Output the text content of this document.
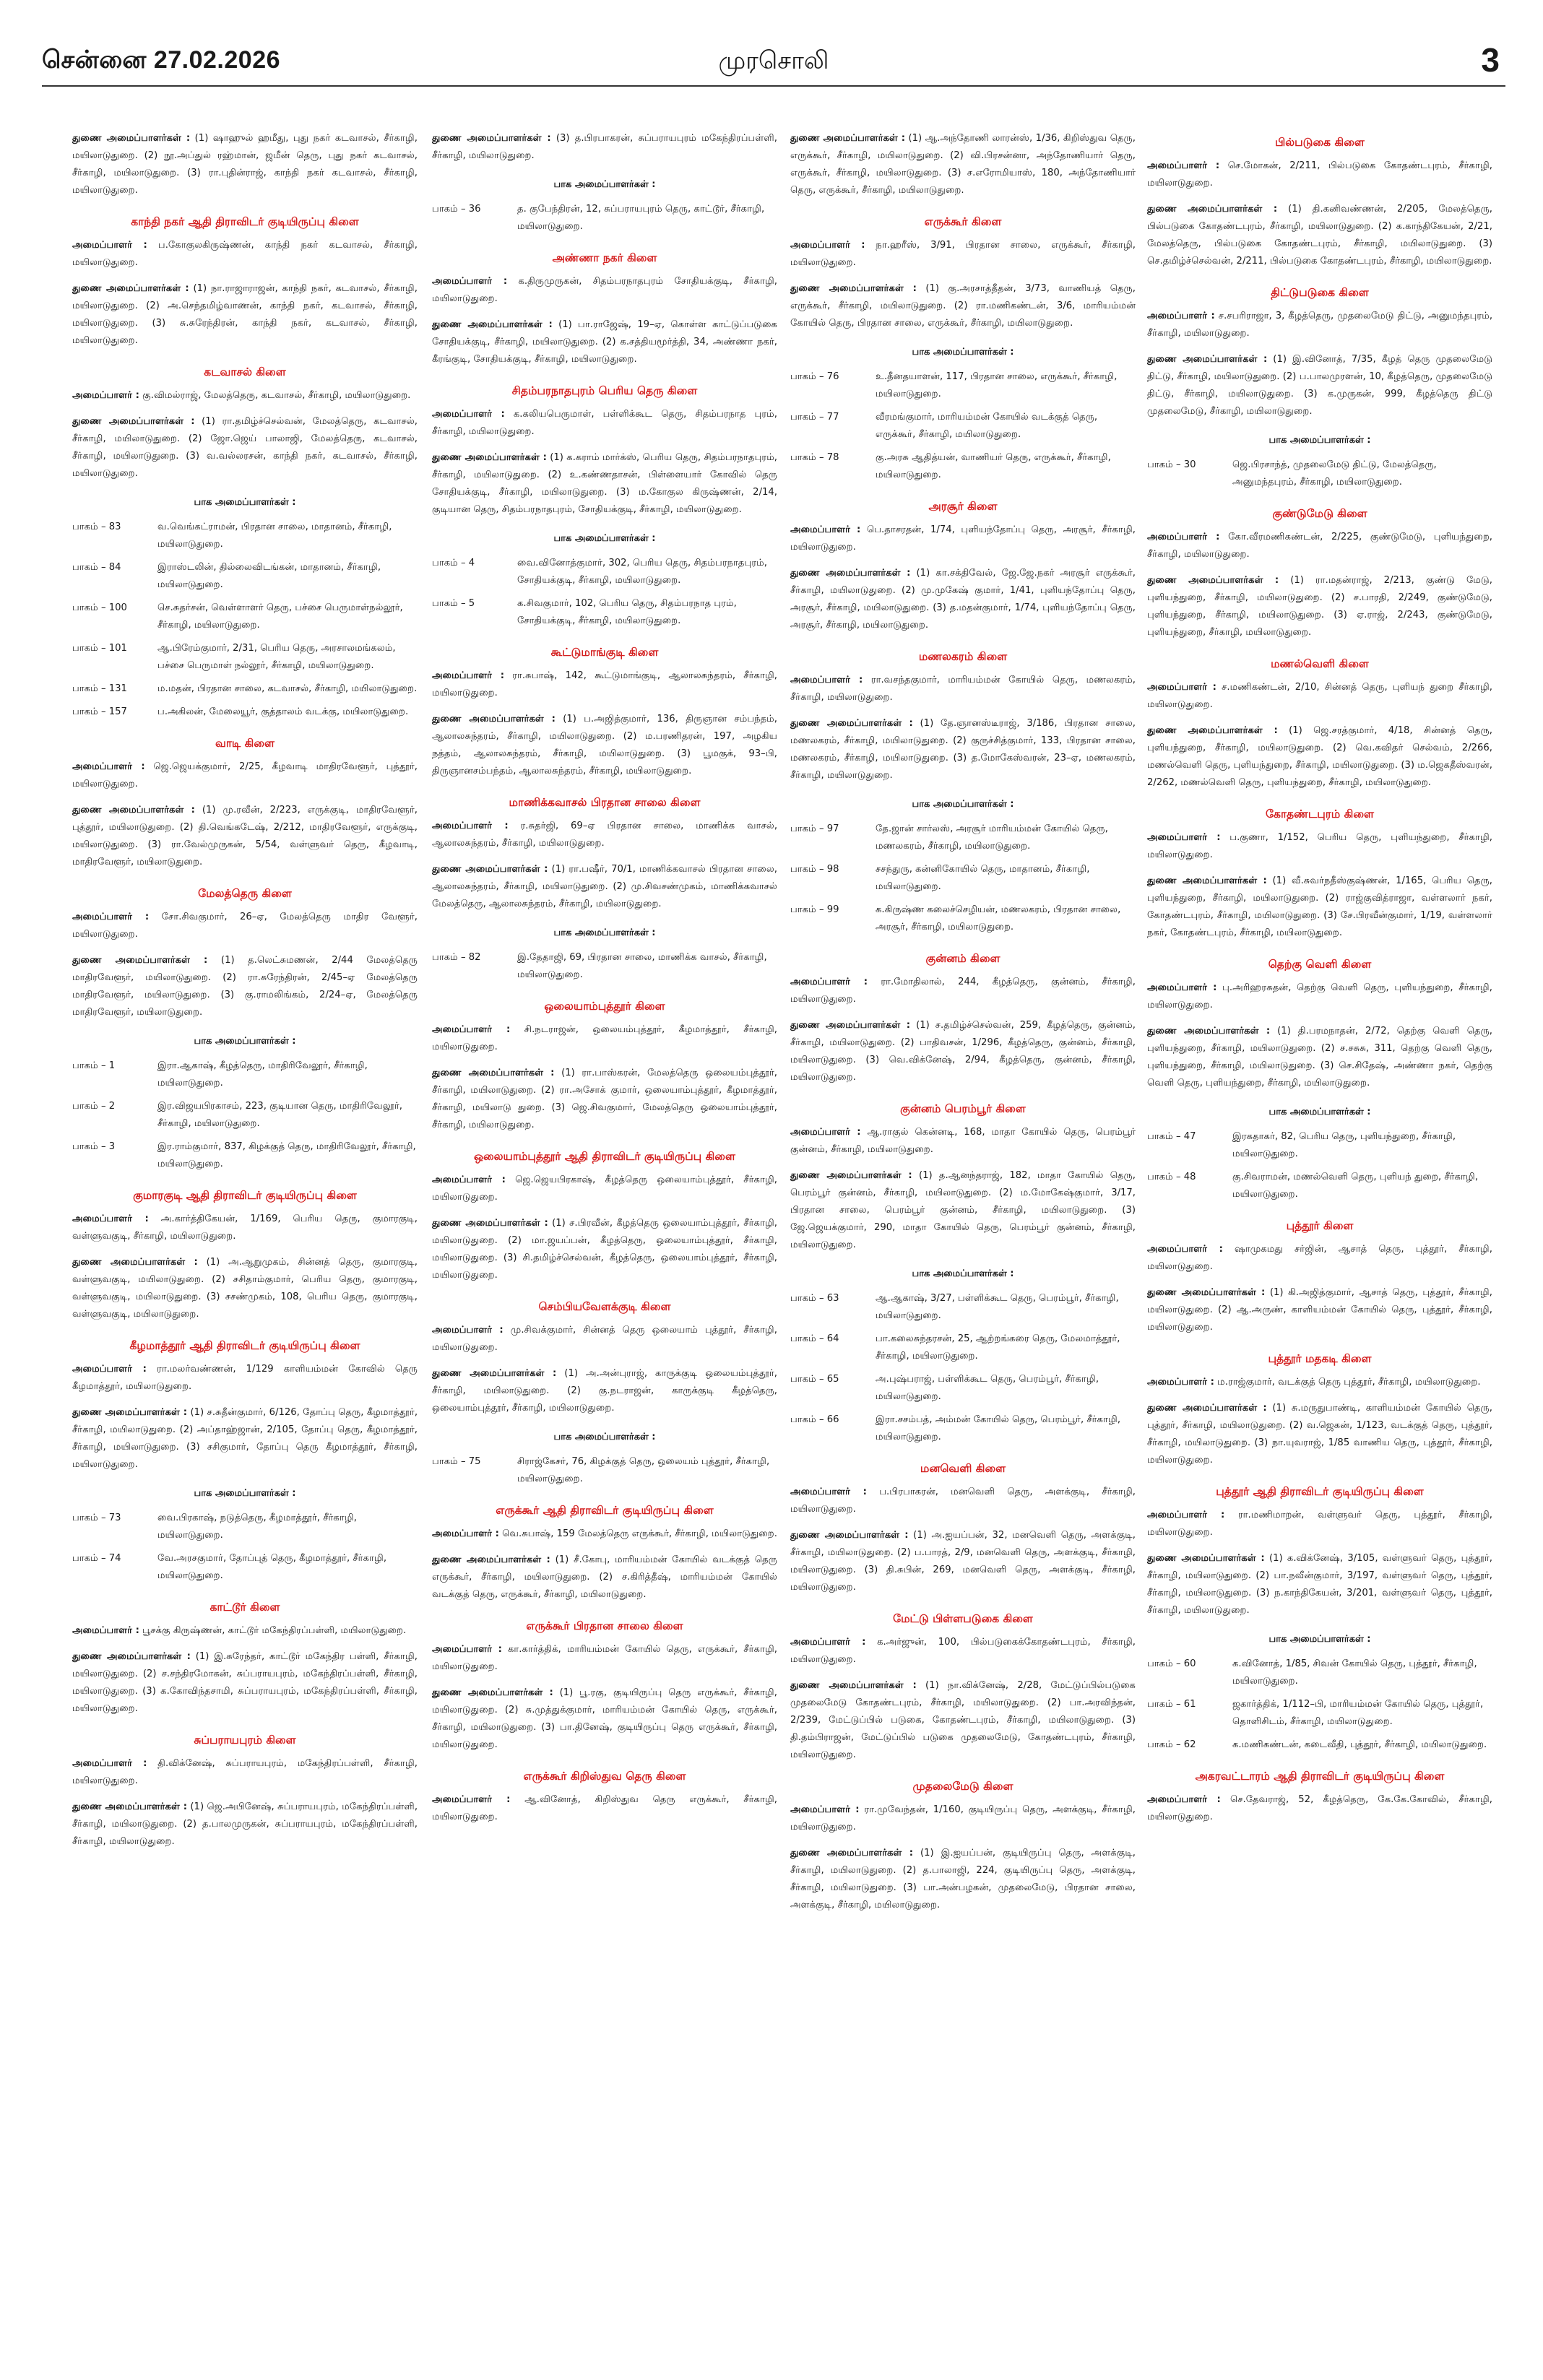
சென்னை 27.02.2026	முரசொலி	3

துணை அமைப்பாளர்கள் : (1) ஷாஹுல் ஹமீது, புது நகர் கடவாசல், சீர்காழி, மயிலாடுதுறை. (2) நூ.அப்துல் ரஹ்மான், ஜமீன் தெரு, புது நகர் கடவாசல், சீர்காழி, மயிலாடுதுறை. (3) ரா.புதின்ராஜ், காந்தி நகர் கடவாசல், சீர்காழி, மயிலாடுதுறை.

காந்தி நகர் ஆதி திராவிடர் குடியிருப்பு கிளை

அமைப்பாளர் : ப.கோகுலகிருஷ்ணன், காந்தி நகர் கடவாசல், சீர்காழி, மயிலாடுதுறை.

துணை அமைப்பாளர்கள் : (1) நா.ராஜாராஜன், காந்தி நகர், கடவாசல், சீர்காழி, மயிலாடுதுறை. (2) அ.செந்தமிழ்வாணன், காந்தி நகர், கடவாசல், சீர்காழி, மயிலாடுதுறை. (3) சு.சுரேந்திரன், காந்தி நகர், கடவாசல், சீர்காழி, மயிலாடுதுறை.

கடவாசல் கிளை

அமைப்பாளர் : கு.விமல்ராஜ், மேலத்தெரு, கடவாசல், சீர்காழி, மயிலாடுதுறை.

துணை அமைப்பாளர்கள் : (1) ரா.தமிழ்ச்செல்வன், மேலத்தெரு, கடவாசல், சீர்காழி, மயிலாடுதுறை. (2) ஜோ.ஜெய் பாலாஜி, மேலத்தெரு, கடவாசல், சீர்காழி, மயிலாடுதுறை. (3) வ.வல்லரசன், காந்தி நகர், கடவாசல், சீர்காழி, மயிலாடுதுறை.

பாக அமைப்பாளர்கள் :
பாகம் – 83	வ.வெங்கட்ராமன், பிரதான சாலை, மாதானம், சீர்காழி, மயிலாடுதுறை.
பாகம் – 84	இராஸ்டலின், தில்லைவிடங்கன், மாதானம், சீர்காழி, மயிலாடுதுறை.
பாகம் – 100	செ.சுதர்சன், வெள்ளாளர் தெரு, பச்சை பெருமாள்நல்லூர், சீர்காழி, மயிலாடுதுறை.
பாகம் – 101	ஆ.பிரேம்குமார், 2/31, பெரிய தெரு, அரசாலமங்கலம், பச்சை பெருமாள் நல்லூர், சீர்காழி, மயிலாடுதுறை.
பாகம் – 131	ம.மதன், பிரதான சாலை, கடவாசல், சீர்காழி, மயிலாடுதுறை.
பாகம் – 157	ப.அகிலன், மேலையூர், குத்தாலம் வடக்கு, மயிலாடுதுறை.
வாடி கிளை

அமைப்பாளர் : ஜெ.ஜெயக்குமார், 2/25, கீழவாடி மாதிரவேளூர், புத்தூர், மயிலாடுதுறை.

துணை அமைப்பாளர்கள் : (1) மு.ரவீன், 2/223, எருக்குடி, மாதிரவேளூர், புத்தூர், மயிலாடுதுறை. (2) தி.வெங்கடேஷ், 2/212, மாதிரவேளூர், எருக்குடி, மயிலாடுதுறை. (3) ரா.வேல்முருகன், 5/54, வள்ளுவர் தெரு, கீழவாடி, மாதிரவேளூர், மயிலாடுதுறை.

மேலத்தெரு கிளை

அமைப்பாளர் : சோ.சிவகுமார், 26–ஏ, மேலத்தெரு மாதிர வேளூர், மயிலாடுதுறை.

துணை அமைப்பாளர்கள் : (1) த.லெட்சுமணன், 2/44 மேலத்தெரு மாதிரவேளூர், மயிலாடுதுறை. (2) ரா.சுரேந்திரன், 2/45–ஏ மேலத்தெரு மாதிரவேளூர், மயிலாடுதுறை. (3) கு.ராமலிங்கம், 2/24–ஏ, மேலத்தெரு மாதிரவேளூர், மயிலாடுதுறை.

பாக அமைப்பாளர்கள் :
பாகம் – 1	இரா.ஆகாஷ், கீழத்தெரு, மாதிரிவேலூர், சீர்காழி, மயிலாடுதுறை.
பாகம் – 2	இர.விஜயபிரகாசம், 223, குடியான தெரு, மாதிரிவேலூர், சீர்காழி, மயிலாடுதுறை.
பாகம் – 3	இர.ராம்குமார், 837, கிழக்குத் தெரு, மாதிரிவேலூர், சீர்காழி, மயிலாடுதுறை.
குமாரகுடி ஆதி திராவிடர் குடியிருப்பு கிளை

அமைப்பாளர் : அ.கார்த்திகேயன், 1/169, பெரிய தெரு, குமாரகுடி, வள்ளுவகுடி, சீர்காழி, மயிலாடுதுறை.

துணை அமைப்பாளர்கள் : (1) அ.ஆறுமுகம், சின்னத் தெரு, குமாரகுடி, வள்ளுவகுடி, மயிலாடுதுறை. (2) சசிதாம்குமார், பெரிய தெரு, குமாரகுடி, வள்ளுவகுடி, மயிலாடுதுறை. (3) சசண்முகம், 108, பெரிய தெரு, குமாரகுடி, வள்ளுவகுடி, மயிலாடுதுறை.

கீழமாத்தூர் ஆதி திராவிடர் குடியிருப்பு கிளை

அமைப்பாளர் : ரா.மலர்வண்ணன், 1/129 காளியம்மன் கோவில் தெரு கீழமாத்தூர், மயிலாடுதுறை.

துணை அமைப்பாளர்கள் : (1) ச.சுதீன்குமார், 6/126, தோப்பு தெரு, கீழமாத்தூர், சீர்காழி, மயிலாடுதுறை. (2) அப்தாஹ்ஜான், 2/105, தோப்பு தெரு, கீழமாத்தூர், சீர்காழி, மயிலாடுதுறை. (3) சசிகுமார், தோப்பு தெரு கீழமாத்தூர், சீர்காழி, மயிலாடுதுறை.

பாக அமைப்பாளர்கள் :
பாகம் – 73	வை.பிரகாஷ், நடுத்தெரு, கீழமாத்தூர், சீர்காழி, மயிலாடுதுறை.
பாகம் – 74	வே.அரசகுமார், தோப்புத் தெரு, கீழமாத்தூர், சீர்காழி, மயிலாடுதுறை.
காட்டூர் கிளை

அமைப்பாளர் : பூசக்கு கிருஷ்ணன், காட்டூர் மகேந்திரப்பள்ளி, மயிலாடுதுறை.

துணை அமைப்பாளர்கள் : (1) இ.சுரேந்தர், காட்டூர் மகேந்திர பள்ளி, சீர்காழி, மயிலாடுதுறை. (2) ச.சந்திரமோகன், சுப்பராயபுரம், மகேந்திரப்பள்ளி, சீர்காழி, மயிலாடுதுறை. (3) க.கோவிந்தசாமி, சுப்பராயபுரம், மகேந்திரப்பள்ளி, சீர்காழி, மயிலாடுதுறை.

சுப்பராயபுரம் கிளை

அமைப்பாளர் : தி.விக்னேஷ், சுப்பராயபுரம், மகேந்திரப்பள்ளி, சீர்காழி, மயிலாடுதுறை.

துணை அமைப்பாளர்கள் : (1) ஜெ.அபினேஷ், சுப்பராயபுரம், மகேந்திரப்பள்ளி, சீர்காழி, மயிலாடுதுறை. (2) த.பாலமுருகன், சுப்பராயபுரம், மகேந்திரப்பள்ளி, சீர்காழி, மயிலாடுதுறை.

துணை அமைப்பாளர்கள் : (3) த.பிரபாகரன், சுப்பராயபுரம் மகேந்திரப்பள்ளி, சீர்காழி, மயிலாடுதுறை.

பாக அமைப்பாளர்கள் :
பாகம் – 36	த. குபேந்திரன், 12, சுப்பராயபுரம் தெரு, காட்டூர், சீர்காழி, மயிலாடுதுறை.
அண்ணா நகர் கிளை

அமைப்பாளர் : க.திருமுருகன், சிதம்பரநாதபுரம் சோதியக்குடி, சீர்காழி, மயிலாடுதுறை.

துணை அமைப்பாளர்கள் : (1) பா.ராஜேஷ், 19–ஏ, கொள்ள காட்டுப்படுகை சோதியக்குடி, சீர்காழி, மயிலாடுதுறை. (2) க.சத்தியமூர்த்தி, 34, அண்ணா நகர், கீரங்குடி, சோதியக்குடி, சீர்காழி, மயிலாடுதுறை.

சிதம்பரநாதபுரம் பெரிய தெரு கிளை

அமைப்பாளர் : க.கலியபெருமாள், பள்ளிக்கூட தெரு, சிதம்பரநாத புரம், சீர்காழி, மயிலாடுதுறை.

துணை அமைப்பாளர்கள் : (1) க.கராம் மார்க்ஸ், பெரிய தெரு, சிதம்பரநாதபுரம், சீர்காழி, மயிலாடுதுறை. (2) உ.கண்ணதாசன், பிள்ளையார் கோவில் தெரு சோதியக்குடி, சீர்காழி, மயிலாடுதுறை. (3) ம.கோகுல கிருஷ்ணன், 2/14, குடியான தெரு, சிதம்பரநாதபுரம், சோதியக்குடி, சீர்காழி, மயிலாடுதுறை.

பாக அமைப்பாளர்கள் :
பாகம் – 4	வை.வினோத்குமார், 302, பெரிய தெரு, சிதம்பரநாதபுரம், சோதியக்குடி, சீர்காழி, மயிலாடுதுறை.
பாகம் – 5	க.சிவகுமார், 102, பெரிய தெரு, சிதம்பரநாத புரம், சோதியக்குடி, சீர்காழி, மயிலாடுதுறை.
கூட்டுமாங்குடி கிளை

அமைப்பாளர் : ரா.சுபாஷ், 142, கூட்டுமாங்குடி, ஆலாலசுந்தரம், சீர்காழி, மயிலாடுதுறை.

துணை அமைப்பாளர்கள் : (1) ப.அஜித்குமார், 136, திருஞான சம்பந்தம், ஆலாலசுந்தரம், சீர்காழி, மயிலாடுதுறை. (2) ம.பரணிதரன், 197, அழகிய நத்தம், ஆலாலசுந்தரம், சீர்காழி, மயிலாடுதுறை. (3) பூமகுக், 93–பி, திருஞானசம்பந்தம், ஆலாலசுந்தரம், சீர்காழி, மயிலாடுதுறை.

மாணிக்கவாசல் பிரதான சாலை கிளை

அமைப்பாளர் : ர.சுதர்ஜி, 69–ஏ பிரதான சாலை, மாணிக்க வாசல், ஆலாலசுந்தரம், சீர்காழி, மயிலாடுதுறை.

துணை அமைப்பாளர்கள் : (1) ரா.பஷீர், 70/1, மாணிக்கவாசல் பிரதான சாலை, ஆலாலசுந்தரம், சீர்காழி, மயிலாடுதுறை. (2) மு.சிவசண்முகம், மாணிக்கவாசல் மேலத்தெரு, ஆலாலசுந்தரம், சீர்காழி, மயிலாடுதுறை.

பாக அமைப்பாளர்கள் :
பாகம் – 82	இ.தேதாஜி, 69, பிரதான சாலை, மாணிக்க வாசல், சீர்காழி, மயிலாடுதுறை.
ஒலையாம்புத்தூர் கிளை

அமைப்பாளர் : சி.நடராஜன், ஒலையம்புத்தூர், கீழமாத்தூர், சீர்காழி, மயிலாடுதுறை.

துணை அமைப்பாளர்கள் : (1) ரா.பாஸ்கரன், மேலத்தெரு ஒலையம்புத்தூர், சீர்காழி, மயிலாடுதுறை. (2) ரா.அசோக் குமார், ஒலையாம்புத்தூர், கீழமாத்தூர், சீர்காழி, மயிலாடு துறை. (3) ஜெ.சிவகுமார், மேலத்தெரு ஒலையாம்புத்தூர், சீர்காழி, மயிலாடுதுறை.

ஒலையாம்புத்தூர் ஆதி திராவிடர் குடியிருப்பு கிளை

அமைப்பாளர் : ஜெ.ஜெயபிரகாஷ், கீழத்தெரு ஒலையாம்புத்தூர், சீர்காழி, மயிலாடுதுறை.

துணை அமைப்பாளர்கள் : (1) ச.பிரவீன், கீழத்தெரு ஒலையாம்புத்தூர், சீர்காழி, மயிலாடுதுறை. (2) மா.ஜயப்பன், கீழத்தெரு, ஒலையாம்புத்தூர், சீர்காழி, மயிலாடுதுறை. (3) சி.தமிழ்ச்செல்வன், கீழத்தெரு, ஒலையாம்புத்தூர், சீர்காழி, மயிலாடுதுறை.

செம்பியவேளக்குடி கிளை

அமைப்பாளர் : மு.சிவக்குமார், சின்னத் தெரு ஒலையாம் புத்தூர், சீர்காழி, மயிலாடுதுறை.

துணை அமைப்பாளர்கள் : (1) அ.அன்புராஜ், காருக்குடி ஒலையம்புத்தூர், சீர்காழி, மயிலாடுதுறை. (2) கு.நடராஜன், காருக்குடி கீழத்தெரு, ஒலையாம்புத்தூர், சீர்காழி, மயிலாடுதுறை.

பாக அமைப்பாளர்கள் :
பாகம் – 75	சிராஜ்கேசர், 76, கிழக்குத் தெரு, ஒலையம் புத்தூர், சீர்காழி, மயிலாடுதுறை.
எருக்கூர் ஆதி திராவிடர் குடியிருப்பு கிளை

அமைப்பாளர் : வெ.சுபாஷ், 159 மேலத்தெரு எருக்கூர், சீர்காழி, மயிலாடுதுறை.

துணை அமைப்பாளர்கள் : (1) சீ.கோபு, மாரியம்மன் கோயில் வடக்குத் தெரு எருக்கூர், சீர்காழி, மயிலாடுதுறை. (2) ச.கிரித்தீஷ், மாரியம்மன் கோயில் வடக்குத் தெரு, எருக்கூர், சீர்காழி, மயிலாடுதுறை.

எருக்கூர் பிரதான சாலை கிளை

அமைப்பாளர் : கா.கார்த்திக், மாரியம்மன் கோயில் தெரு, எருக்கூர், சீர்காழி, மயிலாடுதுறை.

துணை அமைப்பாளர்கள் : (1) பூ.ரகு, குடியிருப்பு தெரு எருக்கூர், சீர்காழி, மயிலாடுதுறை. (2) சு.முத்துக்குமார், மாரியம்மன் கோயில் தெரு, எருக்கூர், சீர்காழி, மயிலாடுதுறை. (3) பா.தினேஷ், குடியிருப்பு தெரு எருக்கூர், சீர்காழி, மயிலாடுதுறை.

எருக்கூர் கிறிஸ்துவ தெரு கிளை

அமைப்பாளர் : ஆ.வினோத், கிறிஸ்துவ தெரு எருக்கூர், சீர்காழி, மயிலாடுதுறை.

துணை அமைப்பாளர்கள் : (1) ஆ.அந்தோணி லாரன்ஸ், 1/36, கிறிஸ்துவ தெரு, எருக்கூர், சீர்காழி, மயிலாடுதுறை. (2) வி.பிரசன்னா, அந்தோணியார் தெரு, எருக்கூர், சீர்காழி, மயிலாடுதுறை. (3) ச.எரோமியாஸ், 180, அந்தோணியார் தெரு, எருக்கூர், சீர்காழி, மயிலாடுதுறை.

எருக்கூர் கிளை

அமைப்பாளர் : நா.ஹரீஸ், 3/91, பிரதான சாலை, எருக்கூர், சீர்காழி, மயிலாடுதுறை.

துணை அமைப்பாளர்கள் : (1) கு.அரசாத்தீதன், 3/73, வாணியத் தெரு, எருக்கூர், சீர்காழி, மயிலாடுதுறை. (2) ரா.மணிகண்டன், 3/6, மாரியம்மன் கோயில் தெரு, பிரதான சாலை, எருக்கூர், சீர்காழி, மயிலாடுதுறை.

பாக அமைப்பாளர்கள் :
பாகம் – 76	உ.தீனதயாளன், 117, பிரதான சாலை, எருக்கூர், சீர்காழி, மயிலாடுதுறை.
பாகம் – 77	வீரமங்குமார், மாரியம்மன் கோயில் வடக்குத் தெரு, எருக்கூர், சீர்காழி, மயிலாடுதுறை.
பாகம் – 78	கு.அரசு ஆதித்யன், வாணியர் தெரு, எருக்கூர், சீர்காழி, மயிலாடுதுறை.
அரசூர் கிளை

அமைப்பாளர் : பெ.தாசரதன், 1/74, புளியந்தோப்பு தெரு, அரசூர், சீர்காழி, மயிலாடுதுறை.

துணை அமைப்பாளர்கள் : (1) கா.சக்திவேல், ஜே.ஜே.நகர் அரசூர் எருக்கூர், சீர்காழி, மயிலாடுதுறை. (2) மு.முகேஷ் குமார், 1/41, புளியந்தோப்பு தெரு, அரசூர், சீர்காழி, மயிலாடுதுறை. (3) த.மதன்குமார், 1/74, புளியந்தோப்பு தெரு, அரசூர், சீர்காழி, மயிலாடுதுறை.

மணலகரம் கிளை

அமைப்பாளர் : ரா.வசந்தகுமார், மாரியம்மன் கோயில் தெரு, மணலகரம், சீர்காழி, மயிலாடுதுறை.

துணை அமைப்பாளர்கள் : (1) தே.ஞானஸ்டீராஜ், 3/186, பிரதான சாலை, மணலகரம், சீர்காழி, மயிலாடுதுறை. (2) குருச்சித்குமார், 133, பிரதான சாலை, மணலகரம், சீர்காழி, மயிலாடுதுறை. (3) த.மோகேஸ்வரன், 23–ஏ, மணலகரம், சீர்காழி, மயிலாடுதுறை.

பாக அமைப்பாளர்கள் :
பாகம் – 97	தே.ஜான் சார்லஸ், அரசூர் மாரியம்மன் கோயில் தெரு, மணலகரம், சீர்காழி, மயிலாடுதுறை.
பாகம் – 98	சசந்துரு, கன்னிகோயில் தெரு, மாதானம், சீர்காழி, மயிலாடுதுறை.
பாகம் – 99	க.கிருஷ்ண கலைச்செழியன், மணலகரம், பிரதான சாலை, அரசூர், சீர்காழி, மயிலாடுதுறை.
குன்னம் கிளை

அமைப்பாளர் : ரா.மோதிலால், 244, கீழத்தெரு, குன்னம், சீர்காழி, மயிலாடுதுறை.

துணை அமைப்பாளர்கள் : (1) ச.தமிழ்ச்செல்வன், 259, கீழத்தெரு, குன்னம், சீர்காழி, மயிலாடுதுறை. (2) பாதிவசன், 1/296, கீழத்தெரு, குன்னம், சீர்காழி, மயிலாடுதுறை. (3) வெ.விக்னேஷ், 2/94, கீழத்தெரு, குன்னம், சீர்காழி, மயிலாடுதுறை.

குன்னம் பெரம்பூர் கிளை

அமைப்பாளர் : ஆ.ராகுல் கென்னடி, 168, மாதா கோயில் தெரு, பெரம்பூர் குன்னம், சீர்காழி, மயிலாடுதுறை.

துணை அமைப்பாளர்கள் : (1) த.ஆனந்தராஜ், 182, மாதா கோயில் தெரு, பெரம்பூர் குன்னம், சீர்காழி, மயிலாடுதுறை. (2) ம.மோகேஷ்குமார், 3/17, பிரதான சாலை, பெரம்பூர் குன்னம், சீர்காழி, மயிலாடுதுறை. (3) ஜே.ஜெயக்குமார், 290, மாதா கோயில் தெரு, பெரம்பூர் குன்னம், சீர்காழி, மயிலாடுதுறை.

பாக அமைப்பாளர்கள் :
பாகம் – 63	ஆ.ஆகாஷ், 3/27, பள்ளிக்கூட தெரு, பெரம்பூர், சீர்காழி, மயிலாடுதுறை.
பாகம் – 64	பா.கலைசுந்தரசன், 25, ஆற்றங்கரை தெரு, மேலமாத்தூர், சீர்காழி, மயிலாடுதுறை.
பாகம் – 65	அ.புஷ்பராஜ், பள்ளிக்கூட தெரு, பெரம்பூர், சீர்காழி, மயிலாடுதுறை.
பாகம் – 66	இரா.சசம்பத், அம்மன் கோயில் தெரு, பெரம்பூர், சீர்காழி, மயிலாடுதுறை.
மனவெளி கிளை

அமைப்பாளர் : ப.பிரபாகரன், மனவெளி தெரு, அளக்குடி, சீர்காழி, மயிலாடுதுறை.

துணை அமைப்பாளர்கள் : (1) அ.ஐயப்பன், 32, மனவெளி தெரு, அளக்குடி, சீர்காழி, மயிலாடுதுறை. (2) ப.பாரத், 2/9, மனவெளி தெரு, அளக்குடி, சீர்காழி, மயிலாடுதுறை. (3) தி.சுபின், 269, மனவெளி தெரு, அளக்குடி, சீர்காழி, மயிலாடுதுறை.

மேட்டு பிள்ளபடுகை கிளை

அமைப்பாளர் : க.அர்ஜுன், 100, பில்படுகைக்கோதண்டபுரம், சீர்காழி, மயிலாடுதுறை.

துணை அமைப்பாளர்கள் : (1) நா.விக்னேஷ், 2/28, மேட்டுப்பில்படுகை முதலைமேடு கோதண்டபுரம், சீர்காழி, மயிலாடுதுறை. (2) பா.அரவிந்தன், 2/239, மேட்டுப்பில் படுகை, கோதண்டபுரம், சீர்காழி, மயிலாடுதுறை. (3) தி.தம்பிராஜன், மேட்டுப்பில் படுகை முதலைமேடு, கோதண்டபுரம், சீர்காழி, மயிலாடுதுறை.

முதலைமேடு கிளை

அமைப்பாளர் : ரா.முவேந்தன், 1/160, குடியிருப்பு தெரு, அளக்குடி, சீர்காழி, மயிலாடுதுறை.

துணை அமைப்பாளர்கள் : (1) இ.ஐயப்பன், குடியிருப்பு தெரு, அளக்குடி, சீர்காழி, மயிலாடுதுறை. (2) த.பாலாஜி, 224, குடியிருப்பு தெரு, அளக்குடி, சீர்காழி, மயிலாடுதுறை. (3) பா.அன்பழகன், முதலைமேடு, பிரதான சாலை, அளக்குடி, சீர்காழி, மயிலாடுதுறை.

பில்படுகை கிளை

அமைப்பாளர் : செ.மோகன், 2/211, பில்படுகை கோதண்டபுரம், சீர்காழி, மயிலாடுதுறை.

துணை அமைப்பாளர்கள் : (1) தி.கனிவண்ணன், 2/205, மேலத்தெரு, பில்படுகை கோதண்டபுரம், சீர்காழி, மயிலாடுதுறை. (2) க.காந்திகேயன், 2/21, மேலத்தெரு, பில்படுகை கோதண்டபுரம், சீர்காழி, மயிலாடுதுறை. (3) செ.தமிழ்ச்செல்வன், 2/211, பில்படுகை கோதண்டபுரம், சீர்காழி, மயிலாடுதுறை.

திட்டுபடுகை கிளை

அமைப்பாளர் : ச.சபரிராஜா, 3, கீழத்தெரு, முதலைமேடு திட்டு, அனுமந்தபுரம், சீர்காழி, மயிலாடுதுறை.

துணை அமைப்பாளர்கள் : (1) இ.வினோத், 7/35, கீழத் தெரு முதலைமேடு திட்டு, சீர்காழி, மயிலாடுதுறை. (2) ப.பாலமுரளன், 10, கீழத்தெரு, முதலைமேடு திட்டு, சீர்காழி, மயிலாடுதுறை. (3) க.முருகன், 999, கீழத்தெரு திட்டு முதலைமேடு, சீர்காழி, மயிலாடுதுறை.

பாக அமைப்பாளர்கள் :
பாகம் – 30	ஜெ.பிரசாந்த், முதலைமேடு திட்டு, மேலத்தெரு, அனுமந்தபுரம், சீர்காழி, மயிலாடுதுறை.
குண்டுமேடு கிளை

அமைப்பாளர் : கோ.வீரமணிகண்டன், 2/225, குண்டுமேடு, புளியந்துறை, சீர்காழி, மயிலாடுதுறை.

துணை அமைப்பாளர்கள் : (1) ரா.மதன்ராஜ், 2/213, குண்டு மேடு, புளியந்துறை, சீர்காழி, மயிலாடுதுறை. (2) ச.பாரதி, 2/249, குண்டுமேடு, புளியந்துறை, சீர்காழி, மயிலாடுதுறை. (3) ஏ.ராஜ், 2/243, குண்டுமேடு, புளியந்துறை, சீர்காழி, மயிலாடுதுறை.

மணல்வெளி கிளை

அமைப்பாளர் : ச.மணிகண்டன், 2/10, சின்னத் தெரு, புளியந் துறை சீர்காழி, மயிலாடுதுறை.

துணை அமைப்பாளர்கள் : (1) ஜெ.சரத்குமார், 4/18, சின்னத் தெரு, புளியந்துறை, சீர்காழி, மயிலாடுதுறை. (2) வெ.கவிதர் செல்வம், 2/266, மணல்வெளி தெரு, புளியந்துறை, சீர்காழி, மயிலாடுதுறை. (3) ம.ஜெகதீஸ்வரன், 2/262, மணல்வெளி தெரு, புளியந்துறை, சீர்காழி, மயிலாடுதுறை.

கோதண்டபுரம் கிளை

அமைப்பாளர் : ப.குணா, 1/152, பெரிய தெரு, புளியந்துறை, சீர்காழி, மயிலாடுதுறை.

துணை அமைப்பாளர்கள் : (1) வீ.சுவர்நதீஸ்குஷ்ணன், 1/165, பெரிய தெரு, புளியந்துறை, சீர்காழி, மயிலாடுதுறை. (2) ராஜ்குவித்ராஜா, வள்ளலார் நகர், கோதண்டபுரம், சீர்காழி, மயிலாடுதுறை. (3) சே.பிரவீன்குமார், 1/19, வள்ளலார் நகர், கோதண்டபுரம், சீர்காழி, மயிலாடுதுறை.

தெற்கு வெளி கிளை

அமைப்பாளர் : பு.அரிஹரசுதன், தெற்கு வெளி தெரு, புளியந்துறை, சீர்காழி, மயிலாடுதுறை.

துணை அமைப்பாளர்கள் : (1) தி.பரமநாதன், 2/72, தெற்கு வெளி தெரு, புளியந்துறை, சீர்காழி, மயிலாடுதுறை. (2) ச.சசுசு, 311, தெற்கு வெளி தெரு, புளியந்துறை, சீர்காழி, மயிலாடுதுறை. (3) செ.சிதேஷ், அண்ணா நகர், தெற்கு வெளி தெரு, புளியந்துறை, சீர்காழி, மயிலாடுதுறை.

பாக அமைப்பாளர்கள் :
பாகம் – 47	இரகதாகர், 82, பெரிய தெரு, புளியந்துறை, சீர்காழி, மயிலாடுதுறை.
பாகம் – 48	கு.சிவராமன், மணல்வெளி தெரு, புளியந் துறை, சீர்காழி, மயிலாடுதுறை.
புத்தூர் கிளை

அமைப்பாளர் : ஷாமுகமது சர்ஜின், ஆசாத் தெரு, புத்தூர், சீர்காழி, மயிலாடுதுறை.

துணை அமைப்பாளர்கள் : (1) கி.அஜித்குமார், ஆசாத் தெரு, புத்தூர், சீர்காழி, மயிலாடுதுறை. (2) ஆ.அருண், காளியம்மன் கோயில் தெரு, புத்தூர், சீர்காழி, மயிலாடுதுறை.

புத்தூர் மதகடி கிளை

அமைப்பாளர் : ம.ராஜ்குமார், வடக்குத் தெரு புத்தூர், சீர்காழி, மயிலாடுதுறை.

துணை அமைப்பாளர்கள் : (1) சு.மருதுபாண்டி, காளியம்மன் கோயில் தெரு, புத்தூர், சீர்காழி, மயிலாடுதுறை. (2) வ.ஜெகன், 1/123, வடக்குத் தெரு, புத்தூர், சீர்காழி, மயிலாடுதுறை. (3) நா.யுவராஜ், 1/85 வாணிய தெரு, புத்தூர், சீர்காழி, மயிலாடுதுறை.

புத்தூர் ஆதி திராவிடர் குடியிருப்பு கிளை

அமைப்பாளர் : ரா.மணிமாறன், வள்ளுவர் தெரு, புத்தூர், சீர்காழி, மயிலாடுதுறை.

துணை அமைப்பாளர்கள் : (1) க.விக்னேஷ், 3/105, வள்ளுவர் தெரு, புத்தூர், சீர்காழி, மயிலாடுதுறை. (2) பா.நவீன்குமார், 3/197, வள்ளுவர் தெரு, புத்தூர், சீர்காழி, மயிலாடுதுறை. (3) ந.காந்திகேயன், 3/201, வள்ளுவர் தெரு, புத்தூர், சீர்காழி, மயிலாடுதுறை.

பாக அமைப்பாளர்கள் :
பாகம் – 60	க.வினோத், 1/85, சிவன் கோயில் தெரு, புத்தூர், சீர்காழி, மயிலாடுதுறை.
பாகம் – 61	ஜகார்த்திக், 1/112–பி, மாரியம்மன் கோயில் தெரு, புத்தூர், தொளிசிடம், சீர்காழி, மயிலாடுதுறை.
பாகம் – 62	க.மணிகண்டன், கடைவீதி, புத்தூர், சீர்காழி, மயிலாடுதுறை.
அகரவட்டாரம் ஆதி திராவிடர் குடியிருப்பு கிளை

அமைப்பாளர் : செ.தேவராஜ், 52, கீழத்தெரு, கே.கே.கோவில், சீர்காழி, மயிலாடுதுறை.
